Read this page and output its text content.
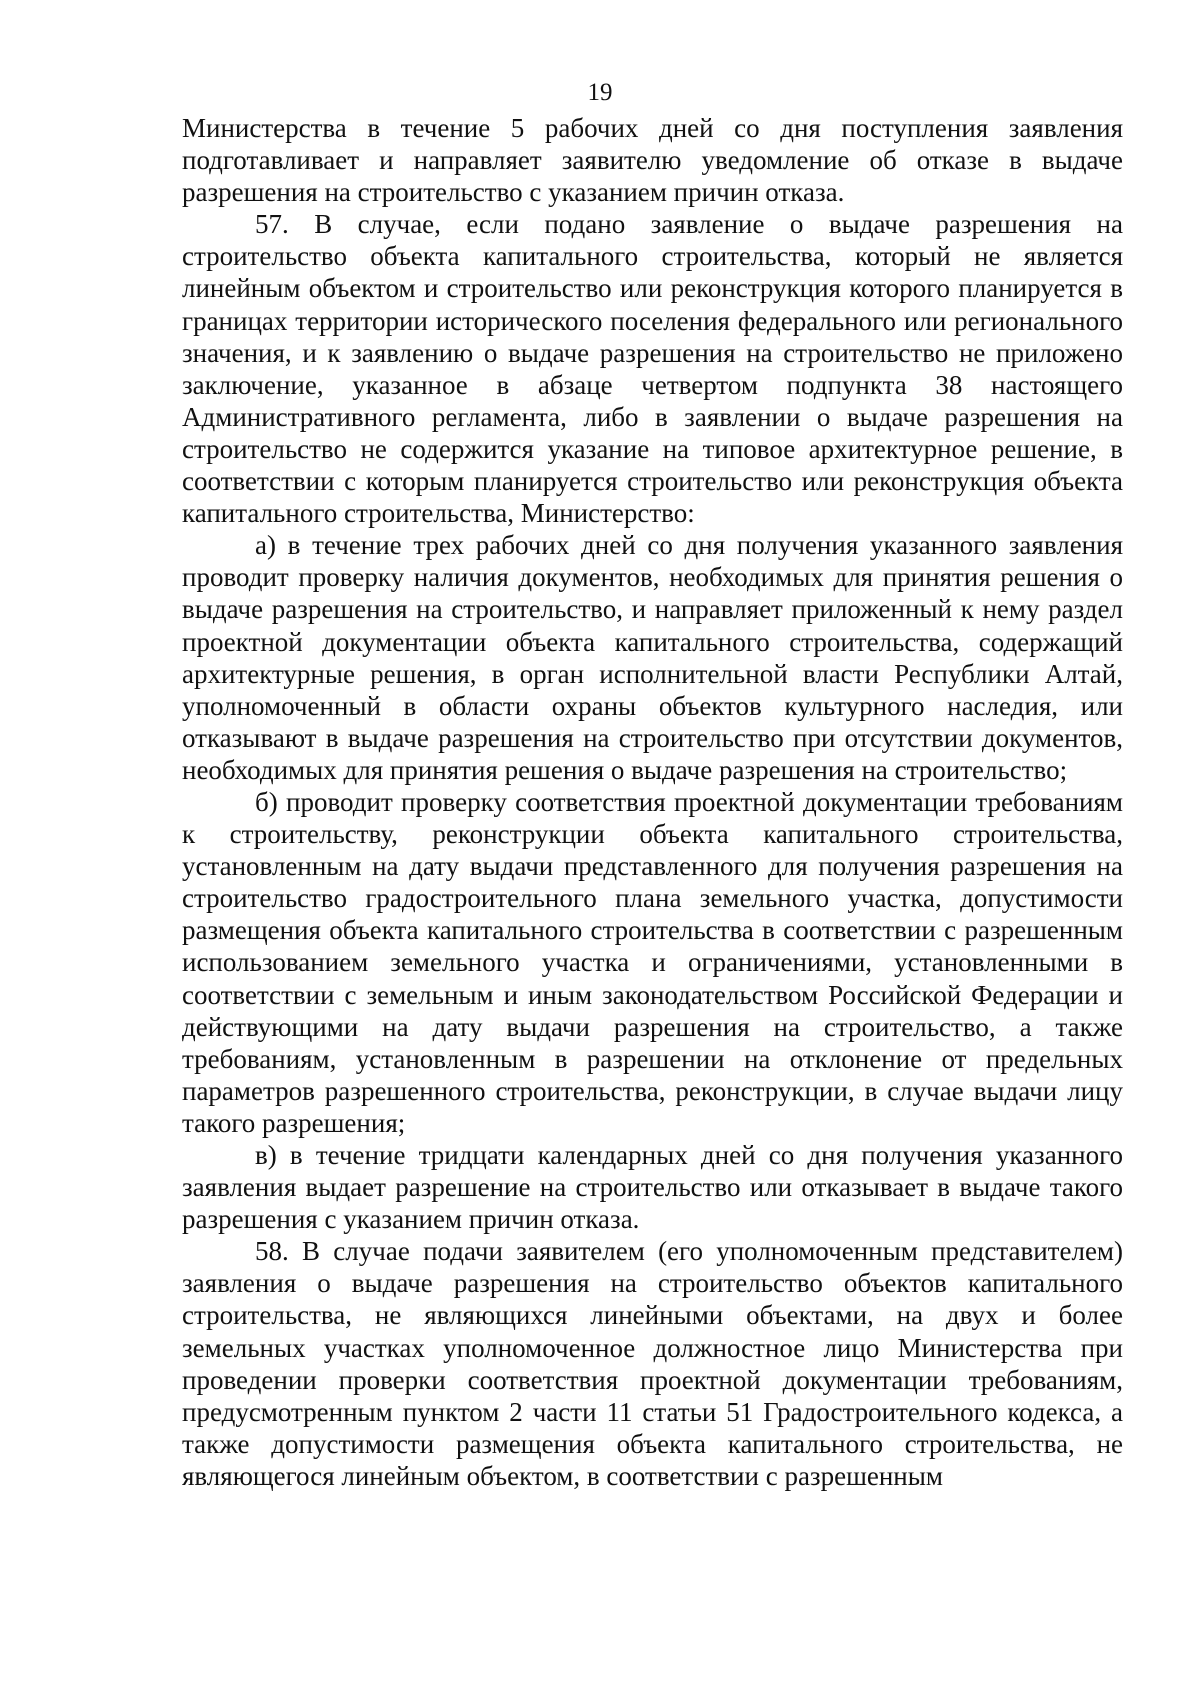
19

Министерства в течение 5 рабочих дней со дня поступления заявления подготавливает и направляет заявителю уведомление об отказе в выдаче разрешения на строительство с указанием причин отказа.

57. В случае, если подано заявление о выдаче разрешения на строительство объекта капитального строительства, который не является линейным объектом и строительство или реконструкция которого планируется в границах территории исторического поселения федерального или регионального значения, и к заявлению о выдаче разрешения на строительство не приложено заключение, указанное в абзаце четвертом подпункта 38 настоящего Административного регламента, либо в заявлении о выдаче разрешения на строительство не содержится указание на типовое архитектурное решение, в соответствии с которым планируется строительство или реконструкция объекта капитального строительства, Министерство:

а) в течение трех рабочих дней со дня получения указанного заявления проводит проверку наличия документов, необходимых для принятия решения о выдаче разрешения на строительство, и направляет приложенный к нему раздел проектной документации объекта капитального строительства, содержащий архитектурные решения, в орган исполнительной власти Республики Алтай, уполномоченный в области охраны объектов культурного наследия, или отказывают в выдаче разрешения на строительство при отсутствии документов, необходимых для принятия решения о выдаче разрешения на строительство;

б) проводит проверку соответствия проектной документации требованиям к строительству, реконструкции объекта капитального строительства, установленным на дату выдачи представленного для получения разрешения на строительство градостроительного плана земельного участка, допустимости размещения объекта капитального строительства в соответствии с разрешенным использованием земельного участка и ограничениями, установленными в соответствии с земельным и иным законодательством Российской Федерации и действующими на дату выдачи разрешения на строительство, а также требованиям, установленным в разрешении на отклонение от предельных параметров разрешенного строительства, реконструкции, в случае выдачи лицу такого разрешения;

в) в течение тридцати календарных дней со дня получения указанного заявления выдает разрешение на строительство или отказывает в выдаче такого разрешения с указанием причин отказа.

58. В случае подачи заявителем (его уполномоченным представителем) заявления о выдаче разрешения на строительство объектов капитального строительства, не являющихся линейными объектами, на двух и более земельных участках уполномоченное должностное лицо Министерства при проведении проверки соответствия проектной документации требованиям, предусмотренным пунктом 2 части 11 статьи 51 Градостроительного кодекса, а также допустимости размещения объекта капитального строительства, не являющегося линейным объектом, в соответствии с разрешенным
